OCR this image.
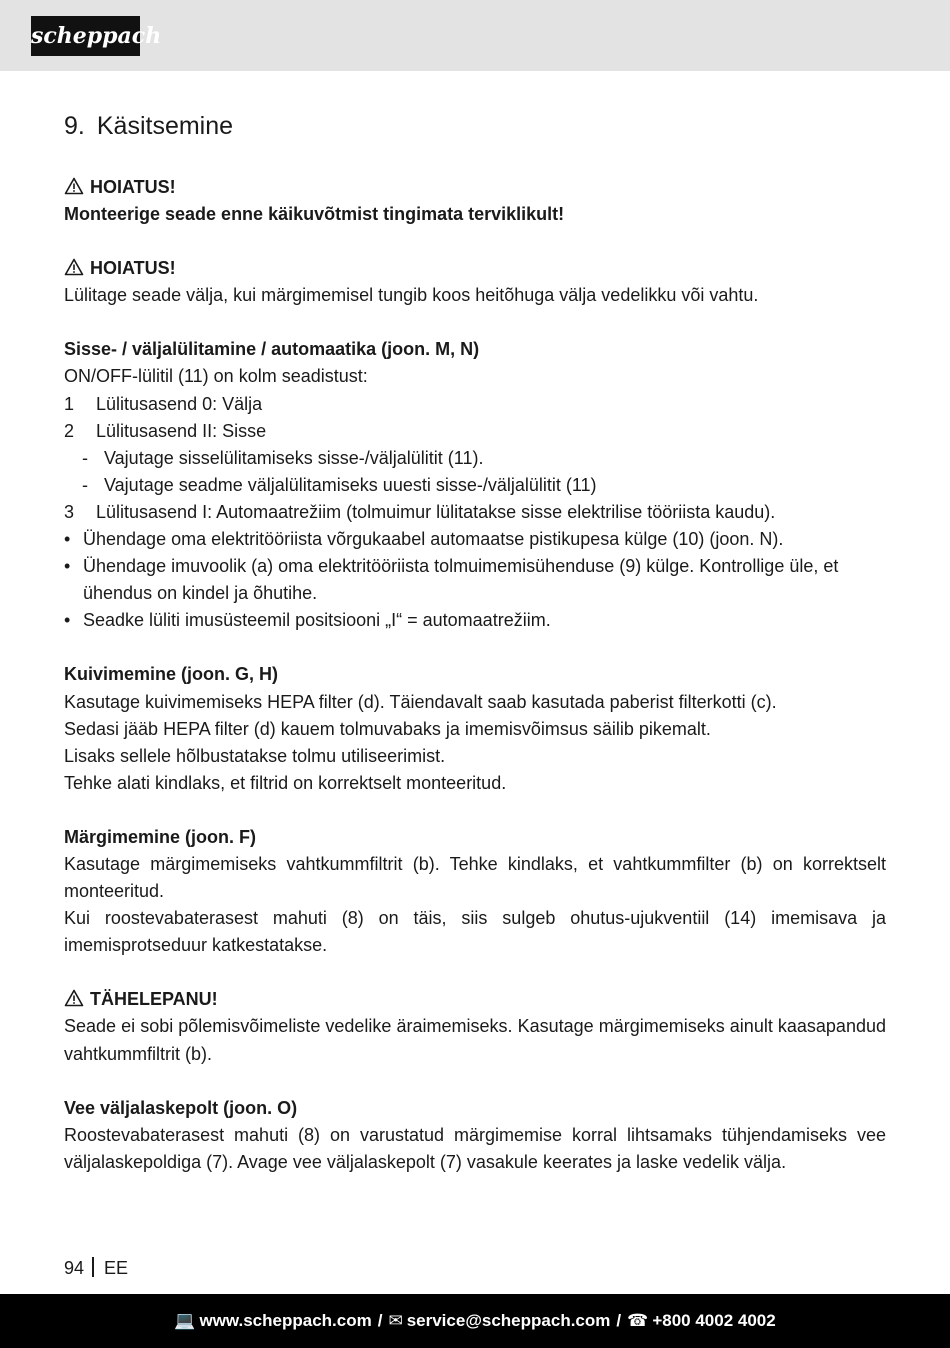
scheppach
9. Käsitsemine

HOIATUS!

Monteerige seade enne käikuvõtmist tingimata terviklikult!

HOIATUS!

Lülitage seade välja, kui märgimemisel tungib koos heitõhuga välja vedelikku või vahtu.

Sisse- / väljalülitamine / automaatika (joon. M, N)

ON/OFF-lülitil (11) on kolm seadistust:

1	Lülitusasend 0: Välja
2	Lülitusasend II: Sisse
- Vajutage sisselülitamiseks sisse-/väljalülitit (11).
- Vajutage seadme väljalülitamiseks uuesti sisse-/väljalülitit (11)
3	Lülitusasend I: Automaatrežiim (tolmuimur lülitatakse sisse elektrilise tööriista kaudu).
• Ühendage oma elektritööriista võrgukaabel automaatse pistikupesa külge (10) (joon. N).
• Ühendage imuvoolik (a) oma elektritööriista tolmuimemisühenduse (9) külge. Kontrollige üle, et ühendus on kindel ja õhutihe.
• Seadke lüliti imusüsteemil positsiooni „I“ = automaatrežiim.

Kuivimemine (joon. G, H)

Kasutage kuivimemiseks HEPA filter (d). Täiendavalt saab kasutada paberist filterkotti (c).

Sedasi jääb HEPA filter (d) kauem tolmuvabaks ja imemisvõimsus säilib pikemalt.

Lisaks sellele hõlbustatakse tolmu utiliseerimist.

Tehke alati kindlaks, et filtrid on korrektselt monteeritud.

Märgimemine (joon. F)

Kasutage märgimemiseks vahtkummfiltrit (b). Tehke kindlaks, et vahtkummfilter (b) on korrektselt monteeritud.

Kui roostevabaterasest mahuti (8) on täis, siis sulgeb ohutus-ujukventiil (14) imemisava ja imemisprotseduur katkestatakse.

TÄHELEPANU!

Seade ei sobi põlemisvõimeliste vedelike äraimemiseks. Kasutage märgimemiseks ainult kaasapandud vahtkummfiltrit (b).

Vee väljalaskepolt (joon. O)

Roostevabaterasest mahuti (8) on varustatud märgimemise korral lihtsamaks tühjendamiseks vee väljalaskepoldiga (7). Avage vee väljalaskepolt (7) vasakule keerates ja laske vedelik välja.

94 EE
💻 www.scheppach.com / ✉ service@scheppach.com / ☎ +800 4002 4002
